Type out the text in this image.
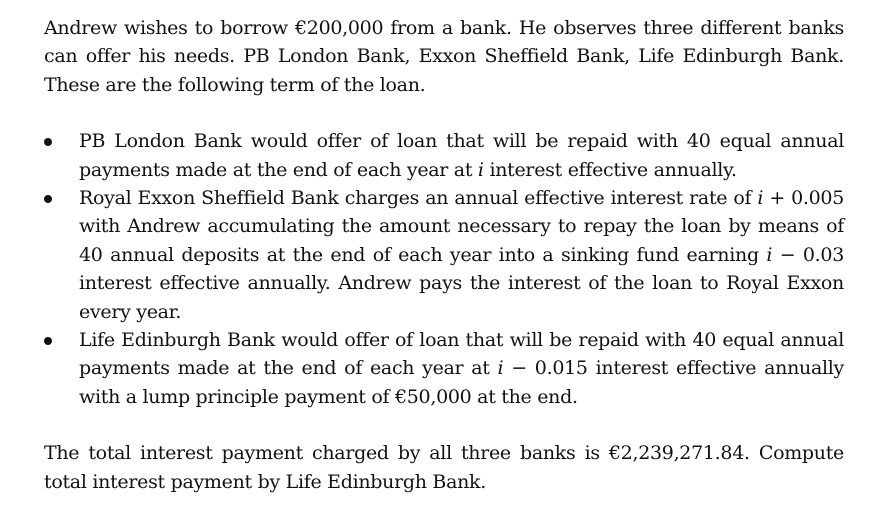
Andrew wishes to borrow €200,000 from a bank. He observes three different banks can offer his needs. PB London Bank, Exxon Sheffield Bank, Life Edinburgh Bank. These are the following term of the loan.

PB London Bank would offer of loan that will be repaid with 40 equal annual payments made at the end of each year at i interest effective annually.
Royal Exxon Sheffield Bank charges an annual effective interest rate of i + 0.005 with Andrew accumulating the amount necessary to repay the loan by means of 40 annual deposits at the end of each year into a sinking fund earning i − 0.03 interest effective annually. Andrew pays the interest of the loan to Royal Exxon every year.
Life Edinburgh Bank would offer of loan that will be repaid with 40 equal annual payments made at the end of each year at i − 0.015 interest effective annually with a lump principle payment of €50,000 at the end.

The total interest payment charged by all three banks is €2,239,271.84. Compute total interest payment by Life Edinburgh Bank.
